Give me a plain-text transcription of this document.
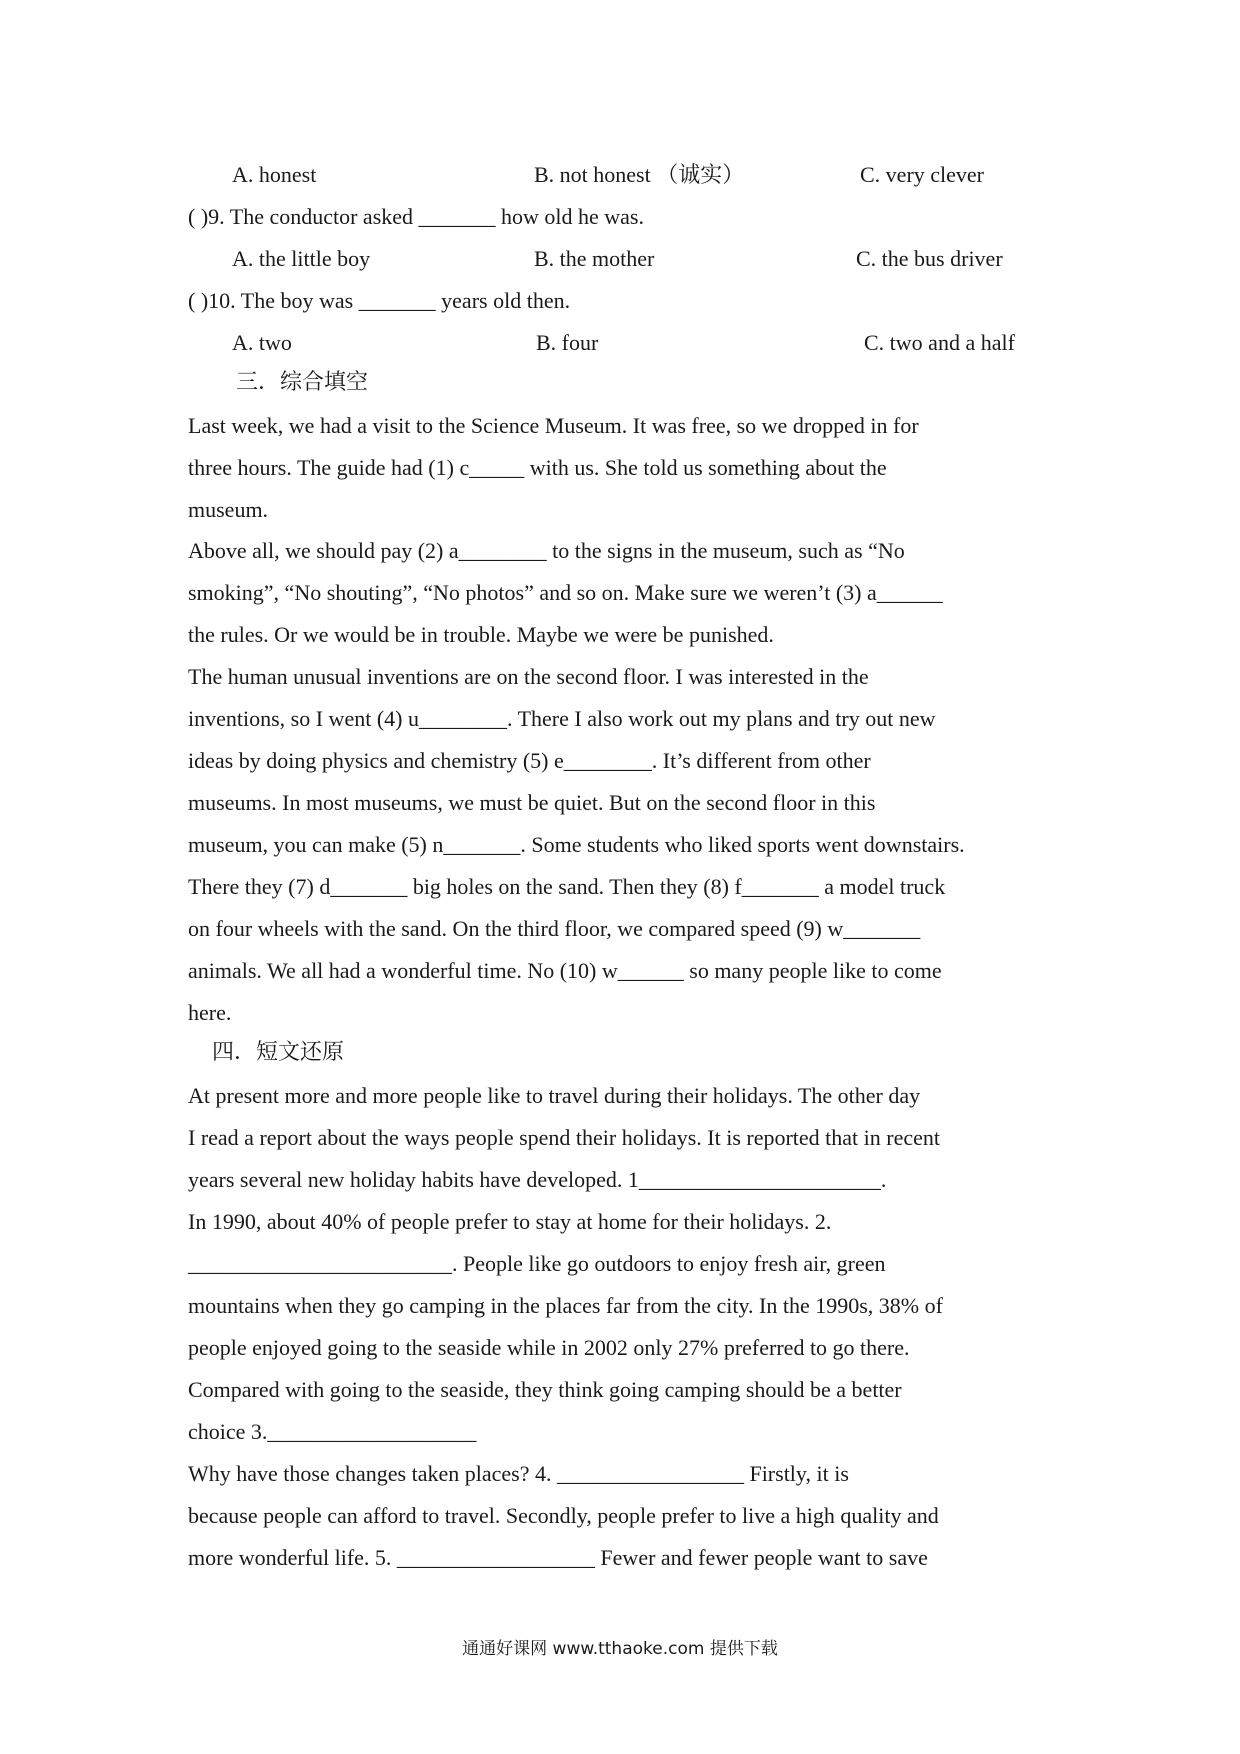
A. honest	B. not honest （诚实）	C. very clever
( )9. The conductor asked _______ how old he was.
A. the little boy	B. the mother	C. the bus driver
( )10. The boy was _______ years old then.
A. two	B. four	C. two and a half
三．综合填空
Last week, we had a visit to the Science Museum. It was free, so we dropped in for
three hours. The guide had (1) c_____ with us. She told us something about the
museum.
Above all, we should pay (2) a________ to the signs in the museum, such as “No
smoking”, “No shouting”, “No photos” and so on. Make sure we weren’t (3) a______
the rules. Or we would be in trouble. Maybe we were be punished.
The human unusual inventions are on the second floor. I was interested in the
inventions, so I went (4) u________. There I also work out my plans and try out new
ideas by doing physics and chemistry (5) e________. It’s different from other
museums. In most museums, we must be quiet. But on the second floor in this
museum, you can make (5) n_______. Some students who liked sports went downstairs.
There they (7) d_______ big holes on the sand. Then they (8) f_______ a model truck
on four wheels with the sand. On the third floor, we compared speed (9) w_______
animals. We all had a wonderful time. No (10) w______ so many people like to come
here.
四．短文还原
At present more and more people like to travel during their holidays. The other day
I read a report about the ways people spend their holidays. It is reported that in recent
years several new holiday habits have developed. 1______________________.
In 1990, about 40% of people prefer to stay at home for their holidays. 2.
________________________. People like go outdoors to enjoy fresh air, green
mountains when they go camping in the places far from the city. In the 1990s, 38% of
people enjoyed going to the seaside while in 2002 only 27% preferred to go there.
Compared with going to the seaside, they think going camping should be a better
choice 3.___________________
Why have those changes taken places? 4. _________________ Firstly, it is
because people can afford to travel. Secondly, people prefer to live a high quality and
more wonderful life. 5. __________________ Fewer and fewer people want to save
通通好课网 www.tthaoke.com 提供下载
